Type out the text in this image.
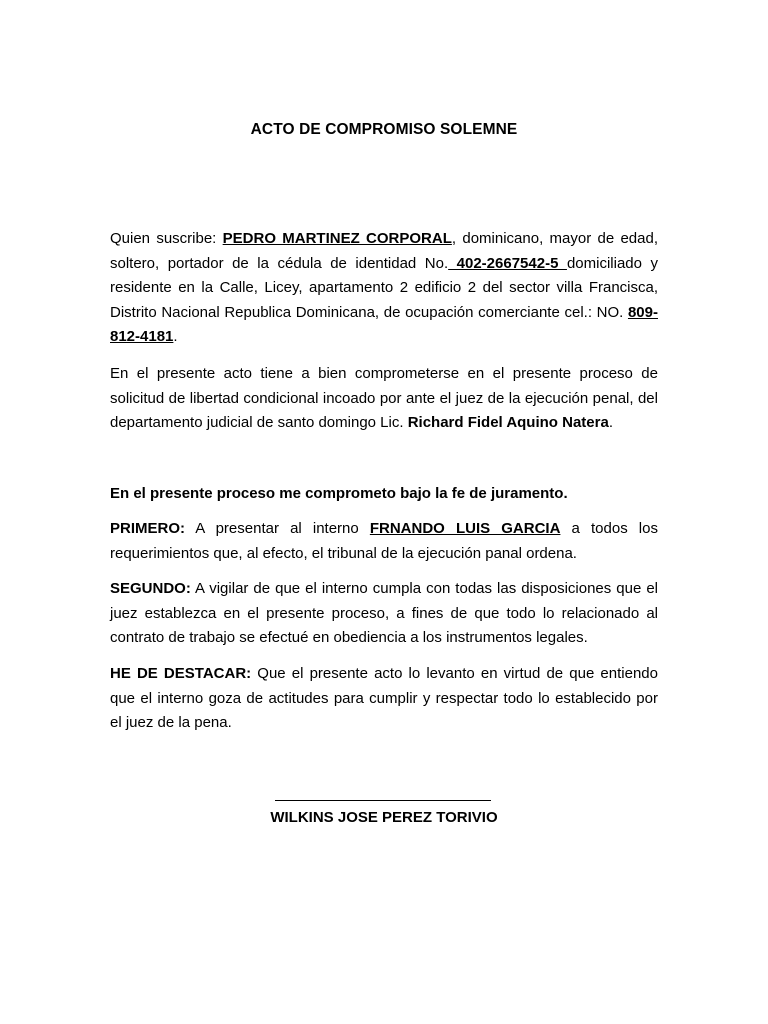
ACTO DE COMPROMISO SOLEMNE

Quien suscribe: PEDRO MARTINEZ CORPORAL, dominicano, mayor de edad, soltero, portador de la cédula de identidad No. 402-2667542-5 domiciliado y residente en la Calle, Licey, apartamento 2 edificio 2 del sector villa Francisca, Distrito Nacional Republica Dominicana, de ocupación comerciante cel.: NO. 809-812-4181.

En el presente acto tiene a bien comprometerse en el presente proceso de solicitud de libertad condicional incoado por ante el juez de la ejecución penal, del departamento judicial de santo domingo Lic. Richard Fidel Aquino Natera.

En el presente proceso me comprometo bajo la fe de juramento.

PRIMERO: A presentar al interno FRNANDO LUIS GARCIA a todos los requerimientos que, al efecto, el tribunal de la ejecución panal ordena.

SEGUNDO: A vigilar de que el interno cumpla con todas las disposiciones que el juez establezca en el presente proceso, a fines de que todo lo relacionado al contrato de trabajo se efectué en obediencia a los instrumentos legales.

HE DE DESTACAR: Que el presente acto lo levanto en virtud de que entiendo que el interno goza de actitudes para cumplir y respectar todo lo establecido por el juez de la pena.

WILKINS JOSE PEREZ TORIVIO
